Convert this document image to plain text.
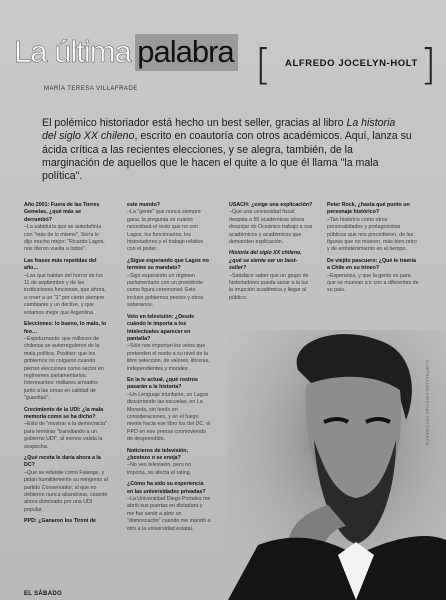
La última palabra
MARÍA TERESA VILLAFRADE	[ ALFREDO JOCELYN-HOLT ]
El polémico historiador está hecho un best seller, gracias al libro La historia del siglo XX chileno, escrito en coautoría con otros académicos. Aquí, lanza su ácida crítica a las recientes elecciones, y se alegra, también, de la marginación de aquellos que le hacen el quite a lo que él llama "la mala política".
ILUSTRACIÓN CRISTIÁN FOTOGRAFÍA
Año 2001: Fuera de las Torres Gemelas, ¿qué más se derrumbó?
–La sabiduría que se autodefinía con "más de lo mismo". Sería lo dijo mucho mejor: "Ricardo Lagos, nos dieron vuelta a todos".
Las frases más repetidas del año…
–Las que hablan del horror de los 11 de septiembre y de las instituciones funcionan, que ahora, a creer a un "1" por cierto siempre cambiante y un declive, y que estamos mejor que Argentina.
Elecciones: lo bueno, lo malo, lo feo…
–Espeluznante: que millones de chilenos se autorreguleron de la mala política. Positivo: que los gobiernos no colgaron cuando pienso elecciones como sector en regímenes parlamentarios. Interesantes: militares armados junto a las urnas en calidad de "guardias".
Crecimiento de la UDI: ¿la mala memoria como se ha dicho?
–Esto de "mostrar a la democracia" para terminar "transitando a un gobierno UDI", al menos valida la sospecha.
¿Qué receta le daría ahora a la DC?
–Que se refunde como Falange, y pidan humildemente su reingreso al partido Conservador, al que no debieron nunca abandonar, cuando ahora dominado por una UDI popular.
PPD: ¿Ganaron los Tironi de
este mundo?
–La "gente" que nunca siempre gana, la pregunta es cuánto necesitará el resto que no son Lagos, los funcionarios, los historiadores y el trabajo relativo con el poder.
¿Sigue esperando que Lagos no termine su mandato?
–Sigo esperando un régimen parlamentario con un presidente como figura ceremonial. Esto incluso gobiernos peores y otros soberanos.
Veto en televisión: ¿Desde cuándo le importa a los intelectuales aparecer en pantalla?
–Sólo nos importan los vetos que pretenden el modo a su nivel de la libre selección, de valores, libreras, independientes y morales.
En la tv actual, ¿qué rostros pasarán a la historia?
–Un Lenguaje triunfante, un Lagos discurriendo las escuelas, en La Moneda, sin leerlo en consideraciones, y en el fuego mente hacia ese libro los del DC, el PPD en ese prensa conmoviendo de desprendido.
Noticieros de televisión, ¿bostezo o se enoja?
–No veo televisión, pero no importa, no afecta el rating.
¿Cómo ha sido su experiencia en las universidades privadas?
–La Universidad Diego Portales me abrió sus puertas en dictadura y me fue sentir a abrir un "domoscacito" cuando me mandó a otro a la universidad estatal.
USACH: ¿exige una explicación?
–Que una universidad fiscal despida a 50 académicos ahora despojar de Oceánico trabajo a sus académicos y académicos que demanden explicación.
Historia del siglo XX chileno, ¿qué se siente ser un best-seller?
–Satisface saber que un grupo de historiadores pueda sacar a la luz la irrupción académica y llegar al público.
Peter Rock, ¿hasta qué punto un personaje histórico?
–Tan histórico como otros personalidades y protagonistas públicos que nos precedieron, de las figuras que no mueren, más bien retro y de entretenimiento en el tiempo.
De viejito pascuero: ¿Qué le traería a Chile en su trineo?
–Esperanza, y que la gente es para que se muevan a ir con a diferentes de su país.
EL SÁBADO
